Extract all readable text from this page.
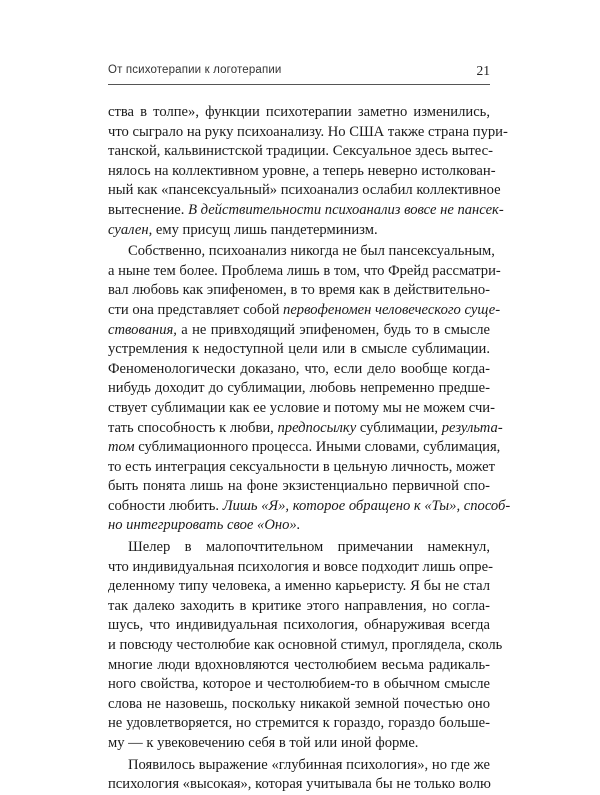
От психотерапии к логотерапии	21
ства в толпе», функции психотерапии заметно изменились,
что сыграло на руку психоанализу. Но США также страна пури-
танской, кальвинистской традиции. Сексуальное здесь вытес-
нялось на коллективном уровне, а теперь неверно истолкован-
ный как «пансексуальный» психоанализ ослабил коллективное
вытеснение. В действительности психоанализ вовсе не пансек-
суален, ему присущ лишь пандетерминизм.
Собственно, психоанализ никогда не был пансексуальным,
а ныне тем более. Проблема лишь в том, что Фрейд рассматри-
вал любовь как эпифеномен, в то время как в действительно-
сти она представляет собой первофеномен человеческого суще-
ствования, а не привходящий эпифеномен, будь то в смысле
устремления к недоступной цели или в смысле сублимации.
Феноменологически доказано, что, если дело вообще когда-
нибудь доходит до сублимации, любовь непременно предше-
ствует сублимации как ее условие и потому мы не можем счи-
тать способность к любви, предпосылку сублимации, результа-
том сублимационного процесса. Иными словами, сублимация,
то есть интеграция сексуальности в цельную личность, может
быть понята лишь на фоне экзистенциально первичной спо-
собности любить. Лишь «Я», которое обращено к «Ты», способ-
но интегрировать свое «Оно».
Шелер в малопочтительном примечании намекнул,
что индивидуальная психология и вовсе подходит лишь опре-
деленному типу человека, а именно карьеристу. Я бы не стал
так далеко заходить в критике этого направления, но согла-
шусь, что индивидуальная психология, обнаруживая всегда
и повсюду честолюбие как основной стимул, проглядела, сколь
многие люди вдохновляются честолюбием весьма радикаль-
ного свойства, которое и честолюбием-то в обычном смысле
слова не назовешь, поскольку никакой земной почестью оно
не удовлетворяется, но стремится к гораздо, гораздо больше-
му — к увековечению себя в той или иной форме.
Появилось выражение «глубинная психология», но где же
психология «высокая», которая учитывала бы не только волю
